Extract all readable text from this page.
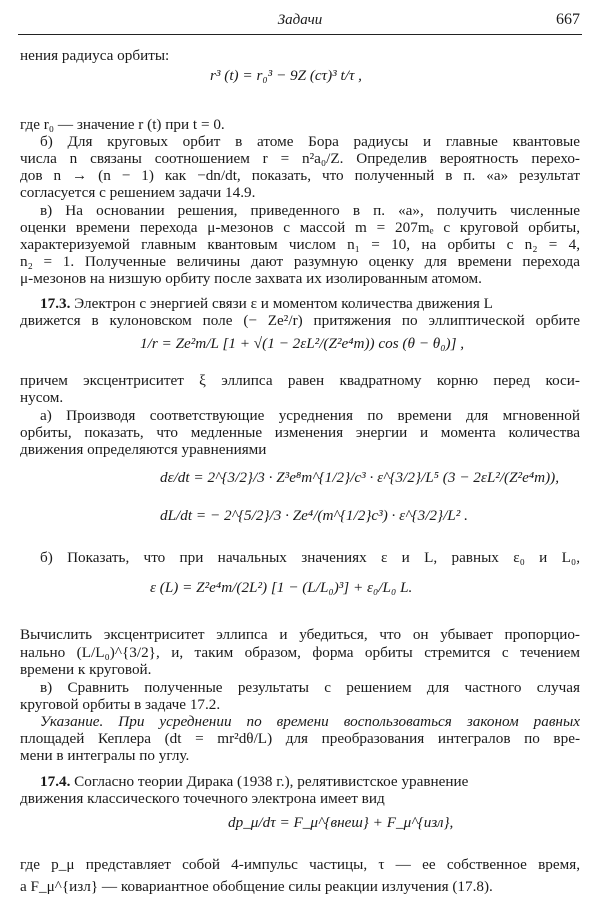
Задачи	667
нения радиуса орбиты:
r³ (t) = r₀³ − 9Z (cτ)³ t/τ ,
где r₀ — значение r (t) при t = 0.
б) Для круговых орбит в атоме Бора радиусы и главные квантовые
числа n связаны соотношением r = n²a₀/Z. Определив вероятность перехо-
дов n → (n − 1) как −dn/dt, показать, что полученный в п. «а» результат
согласуется с решением задачи 14.9.
в) На основании решения, приведенного в п. «а», получить численные
оценки времени перехода μ-мезонов с массой m = 207mₑ с круговой орбиты,
характеризуемой главным квантовым числом n₁ = 10, на орбиты с n₂ = 4,
n₂ = 1. Полученные величины дают разумную оценку для времени перехода
μ-мезонов на низшую орбиту после захвата их изолированным атомом.
17.3. Электрон с энергией связи ε и моментом количества движения L
движется в кулоновском поле (− Ze²/r) притяжения по эллиптической орбите
1/r = Ze²m/L [1 + √(1 − 2εL²/(Z²e⁴m)) cos (θ − θ₀)] ,
причем эксцентриситет ξ эллипса равен квадратному корню перед коси-
нусом.
а) Производя соответствующие усреднения по времени для мгновенной
орбиты, показать, что медленные изменения энергии и момента количества
движения определяются уравнениями
dε/dt = 2^{3/2}/3 · Z³e⁸m^{1/2}/c³ · ε^{3/2}/L⁵ (3 − 2εL²/(Z²e⁴m)),
dL/dt = − 2^{5/2}/3 · Ze⁴/(m^{1/2}c³) · ε^{3/2}/L² .
б) Показать, что при начальных значениях ε и L, равных ε₀ и L₀,
ε (L) = Z²e⁴m/(2L²) [1 − (L/L₀)³] + ε₀/L₀ L.
Вычислить эксцентриситет эллипса и убедиться, что он убывает пропорцио-
нально (L/L₀)^{3/2}, и, таким образом, форма орбиты стремится с течением
времени к круговой.
в) Сравнить полученные результаты с решением для частного случая
круговой орбиты в задаче 17.2.
Указание. При усреднении по времени воспользоваться законом равных
площадей Кеплера (dt = mr²dθ/L) для преобразования интегралов по вре-
мени в интегралы по углу.
17.4. Согласно теории Дирака (1938 г.), релятивистское уравнение
движения классического точечного электрона имеет вид
dp_μ/dτ = F_μ^{внеш} + F_μ^{изл},
где p_μ представляет собой 4-импульс частицы, τ — ее собственное время,
а F_μ^{изл} — ковариантное обобщение силы реакции излучения (17.8).
